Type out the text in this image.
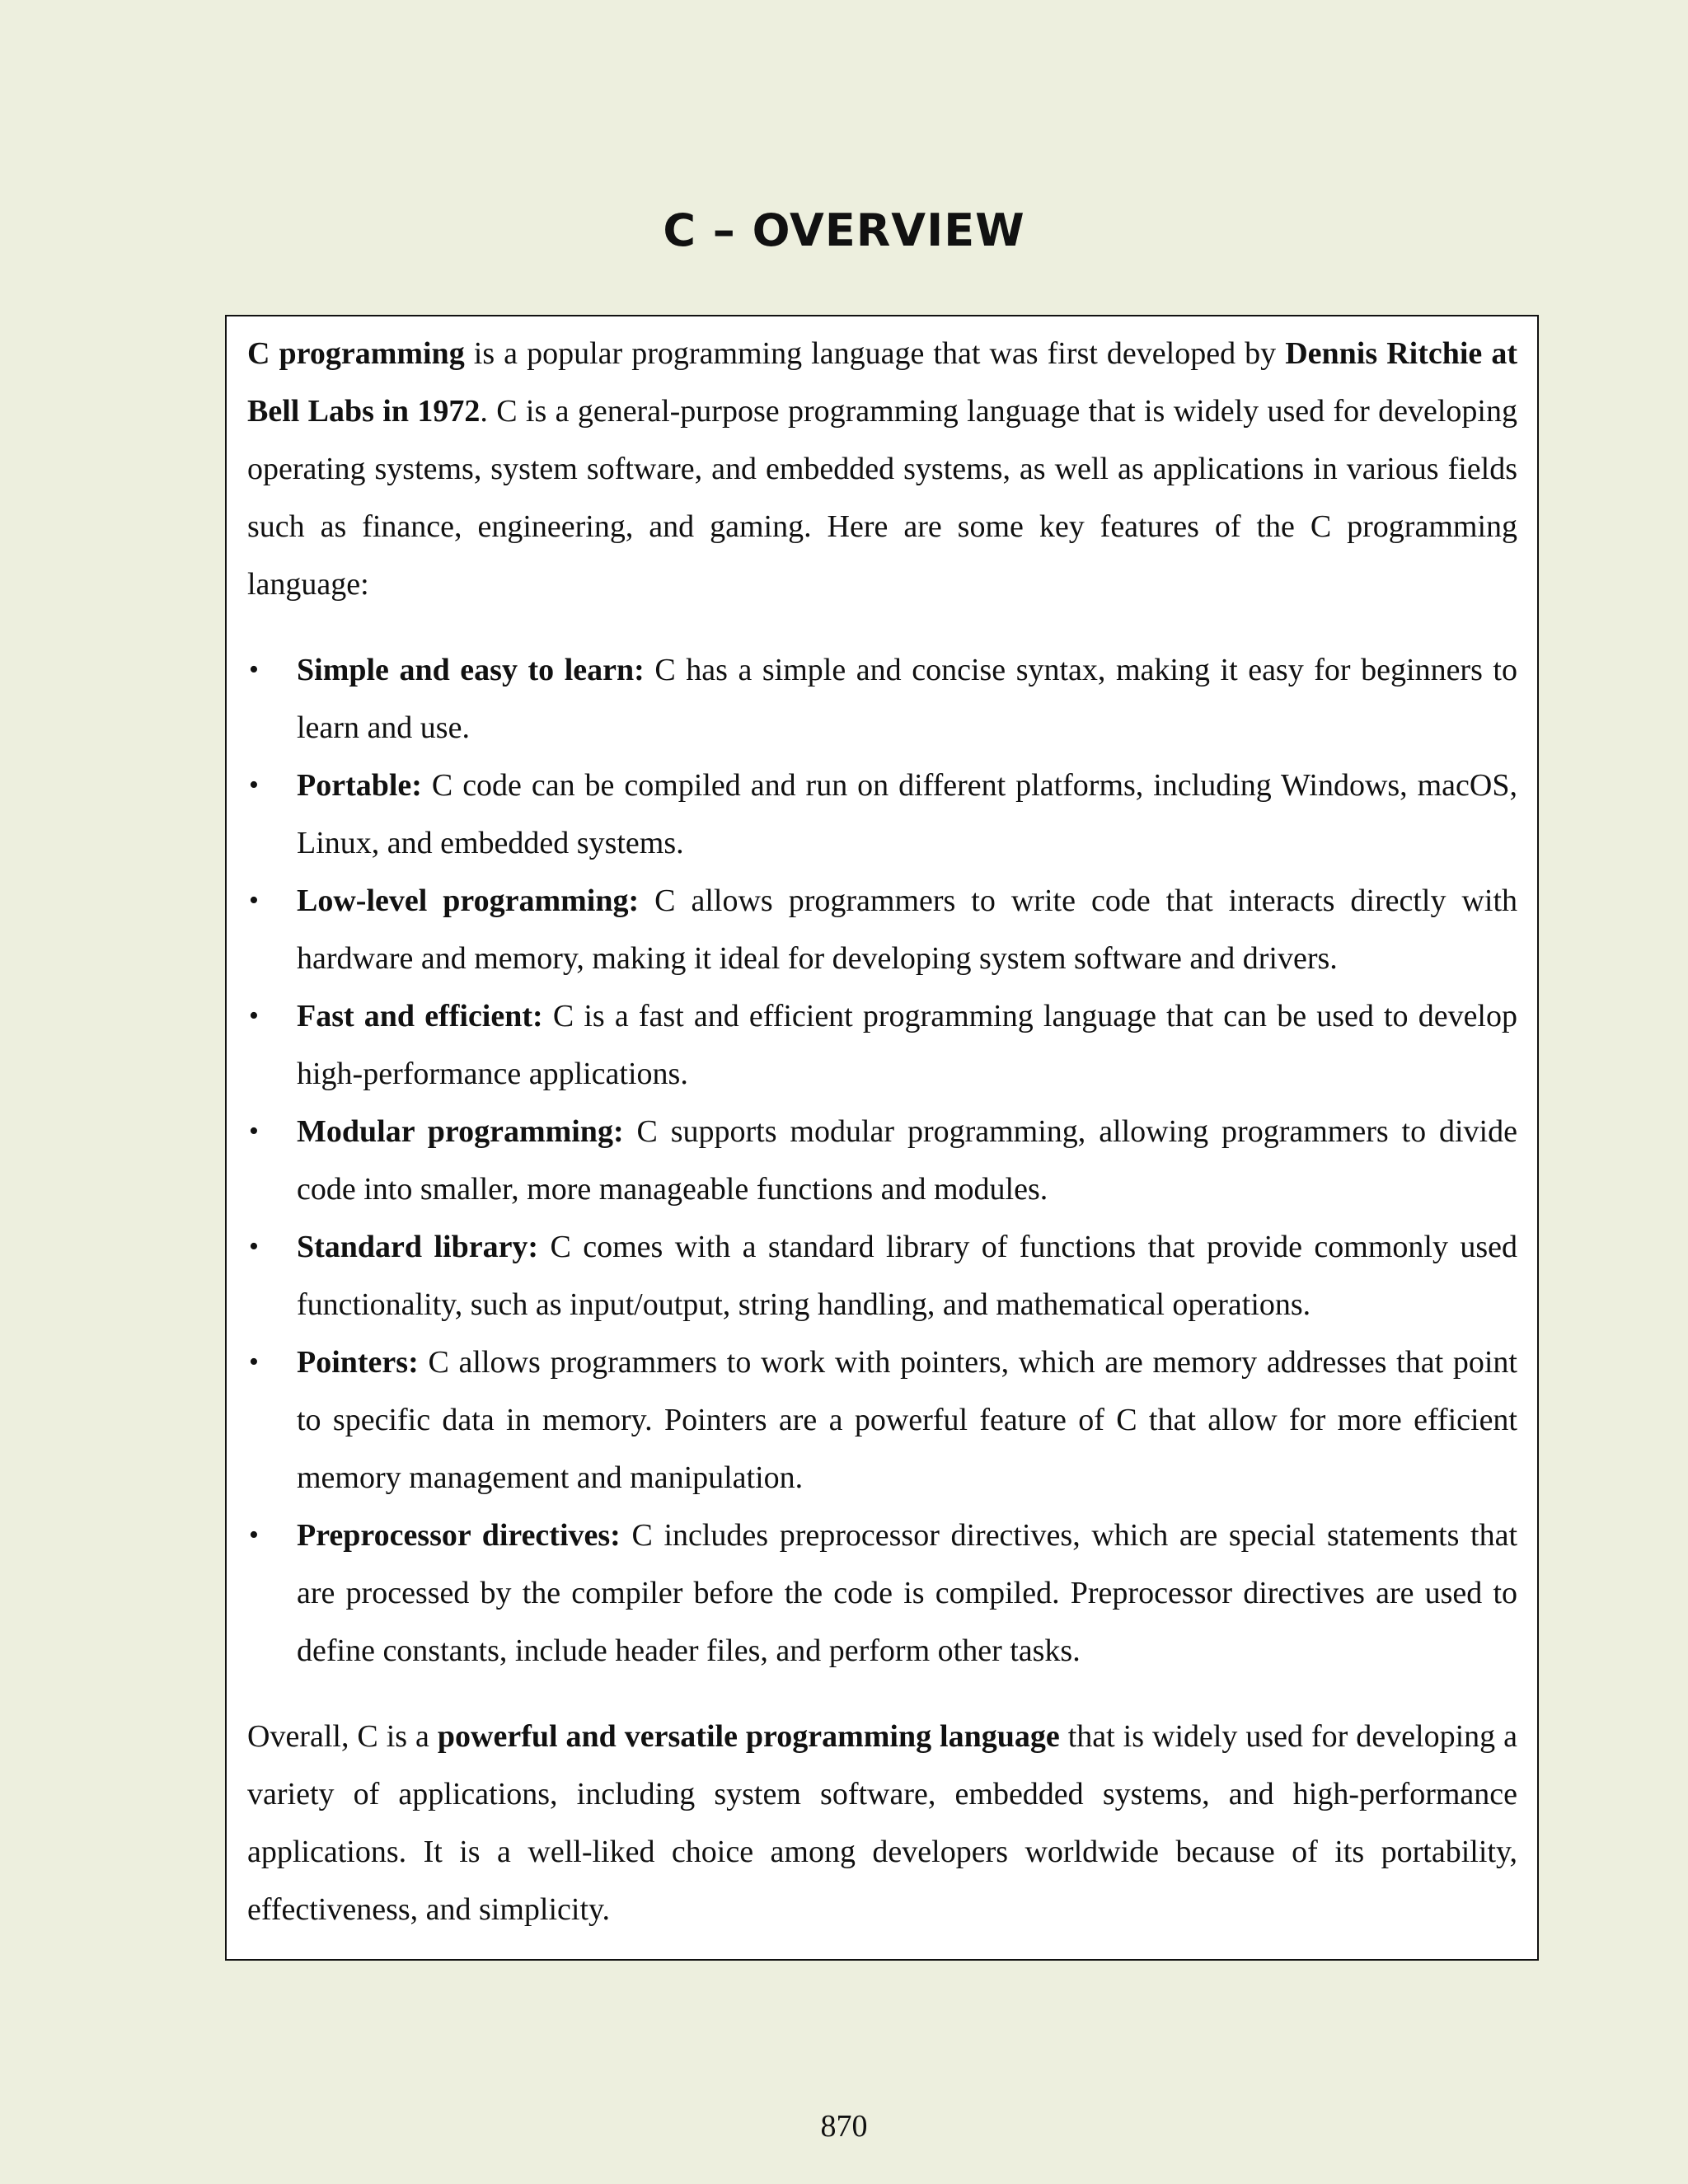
C – OVERVIEW

C programming is a popular programming language that was first developed by Dennis Ritchie at Bell Labs in 1972. C is a general-purpose programming language that is widely used for developing operating systems, system software, and embedded systems, as well as applications in various fields such as finance, engineering, and gaming. Here are some key features of the C programming language:

•	Simple and easy to learn: C has a simple and concise syntax, making it easy for beginners to learn and use.
•	Portable: C code can be compiled and run on different platforms, including Windows, macOS, Linux, and embedded systems.
•	Low-level programming: C allows programmers to write code that interacts directly with hardware and memory, making it ideal for developing system software and drivers.
•	Fast and efficient: C is a fast and efficient programming language that can be used to develop high-performance applications.
•	Modular programming: C supports modular programming, allowing programmers to divide code into smaller, more manageable functions and modules.
•	Standard library: C comes with a standard library of functions that provide commonly used functionality, such as input/output, string handling, and mathematical operations.
•	Pointers: C allows programmers to work with pointers, which are memory addresses that point to specific data in memory. Pointers are a powerful feature of C that allow for more efficient memory management and manipulation.
•	Preprocessor directives: C includes preprocessor directives, which are special statements that are processed by the compiler before the code is compiled. Preprocessor directives are used to define constants, include header files, and perform other tasks.

Overall, C is a powerful and versatile programming language that is widely used for developing a variety of applications, including system software, embedded systems, and high-performance applications. It is a well-liked choice among developers worldwide because of its portability, effectiveness, and simplicity.

870
